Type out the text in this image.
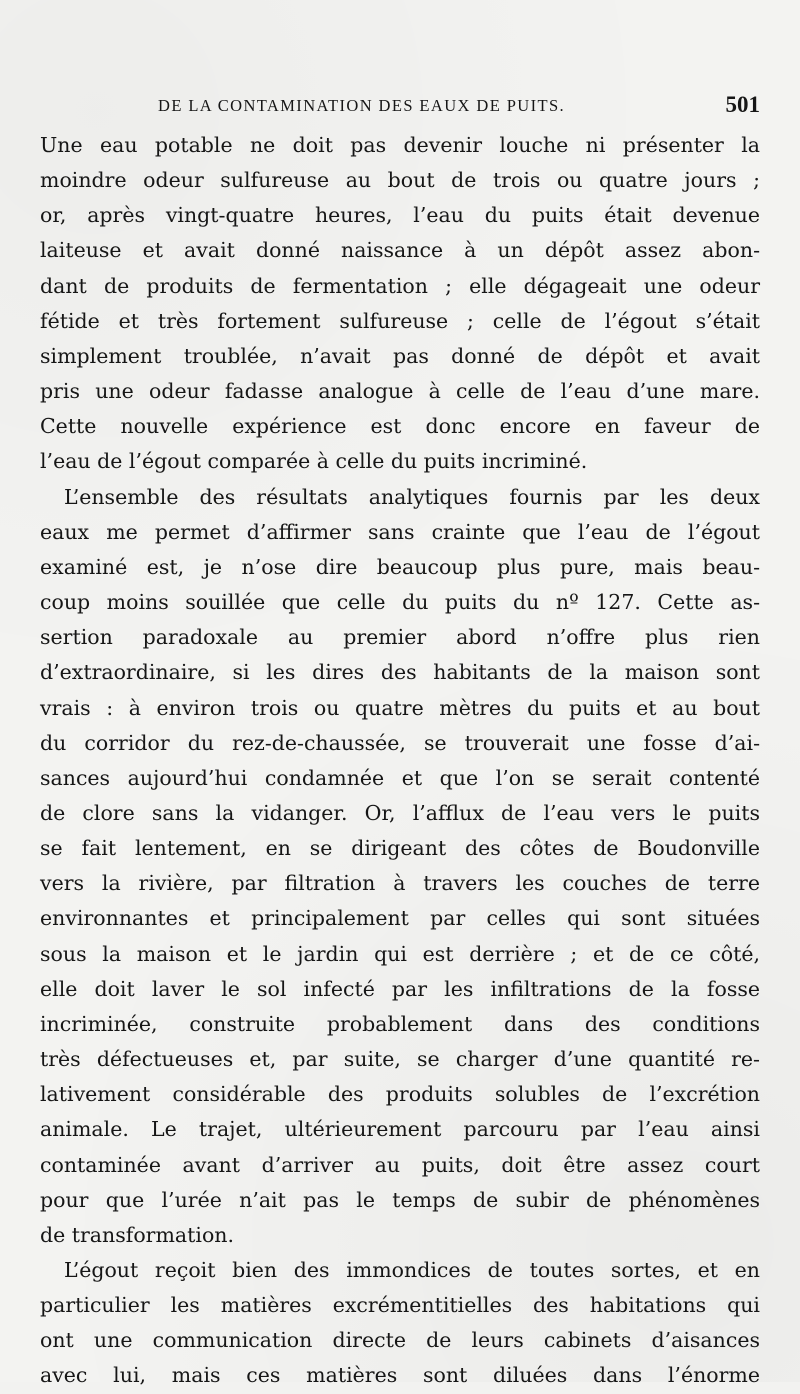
DE LA CONTAMINATION DES EAUX DE PUITS.	501
Une eau potable ne doit pas devenir louche ni présenter la
moindre odeur sulfureuse au bout de trois ou quatre jours ;
or, après vingt-quatre heures, l’eau du puits était devenue
laiteuse et avait donné naissance à un dépôt assez abon-
dant de produits de fermentation ; elle dégageait une odeur
fétide et très fortement sulfureuse ; celle de l’égout s’était
simplement troublée, n’avait pas donné de dépôt et avait
pris une odeur fadasse analogue à celle de l’eau d’une mare.
Cette nouvelle expérience est donc encore en faveur de
l’eau de l’égout comparée à celle du puits incriminé.
L’ensemble des résultats analytiques fournis par les deux
eaux me permet d’affirmer sans crainte que l’eau de l’égout
examiné est, je n’ose dire beaucoup plus pure, mais beau-
coup moins souillée que celle du puits du nº 127. Cette as-
sertion paradoxale au premier abord n’offre plus rien
d’extraordinaire, si les dires des habitants de la maison sont
vrais : à environ trois ou quatre mètres du puits et au bout
du corridor du rez-de-chaussée, se trouverait une fosse d’ai-
sances aujourd’hui condamnée et que l’on se serait contenté
de clore sans la vidanger. Or, l’afflux de l’eau vers le puits
se fait lentement, en se dirigeant des côtes de Boudonville
vers la rivière, par filtration à travers les couches de terre
environnantes et principalement par celles qui sont situées
sous la maison et le jardin qui est derrière ; et de ce côté,
elle doit laver le sol infecté par les infiltrations de la fosse
incriminée, construite probablement dans des conditions
très défectueuses et, par suite, se charger d’une quantité re-
lativement considérable des produits solubles de l’excrétion
animale. Le trajet, ultérieurement parcouru par l’eau ainsi
contaminée avant d’arriver au puits, doit être assez court
pour que l’urée n’ait pas le temps de subir de phénomènes
de transformation.
L’égout reçoit bien des immondices de toutes sortes, et en
particulier les matières excrémentitielles des habitations qui
ont une communication directe de leurs cabinets d’aisances
avec lui, mais ces matières sont diluées dans l’énorme
